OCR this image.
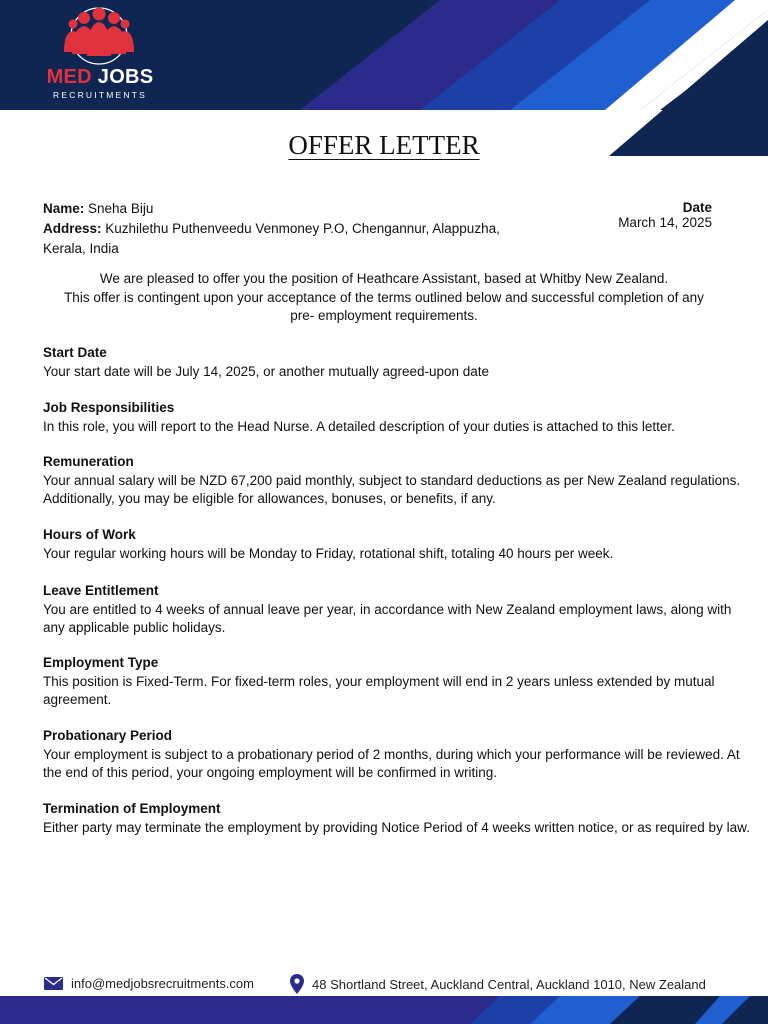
MED JOBS
RECRUITMENTS
OFFER LETTER
Name: Sneha Biju
Address: Kuzhilethu Puthenveedu Venmoney P.O, Chengannur, Alappuzha,
Kerala, India
Date
March 14, 2025
We are pleased to offer you the position of Heathcare Assistant, based at Whitby New Zealand.
This offer is contingent upon your acceptance of the terms outlined below and successful completion of any
pre- employment requirements.
Start Date
Your start date will be July 14, 2025, or another mutually agreed-upon date
Job Responsibilities
In this role, you will report to the Head Nurse. A detailed description of your duties is attached to this letter.
Remuneration
Your annual salary will be NZD 67,200 paid monthly, subject to standard deductions as per New Zealand regulations. Additionally, you may be eligible for allowances, bonuses, or benefits, if any.
Hours of Work
Your regular working hours will be Monday to Friday, rotational shift, totaling 40 hours per week.
Leave Entitlement
You are entitled to 4 weeks of annual leave per year, in accordance with New Zealand employment laws, along with any applicable public holidays.
Employment Type
This position is Fixed-Term. For fixed-term roles, your employment will end in 2 years unless extended by mutual agreement.
Probationary Period
Your employment is subject to a probationary period of 2 months, during which your performance will be reviewed. At the end of this period, your ongoing employment will be confirmed in writing.
Termination of Employment
Either party may terminate the employment by providing Notice Period of 4 weeks written notice, or as required by law.
info@medjobsrecruitments.com	48 Shortland Street, Auckland Central, Auckland 1010, New Zealand
